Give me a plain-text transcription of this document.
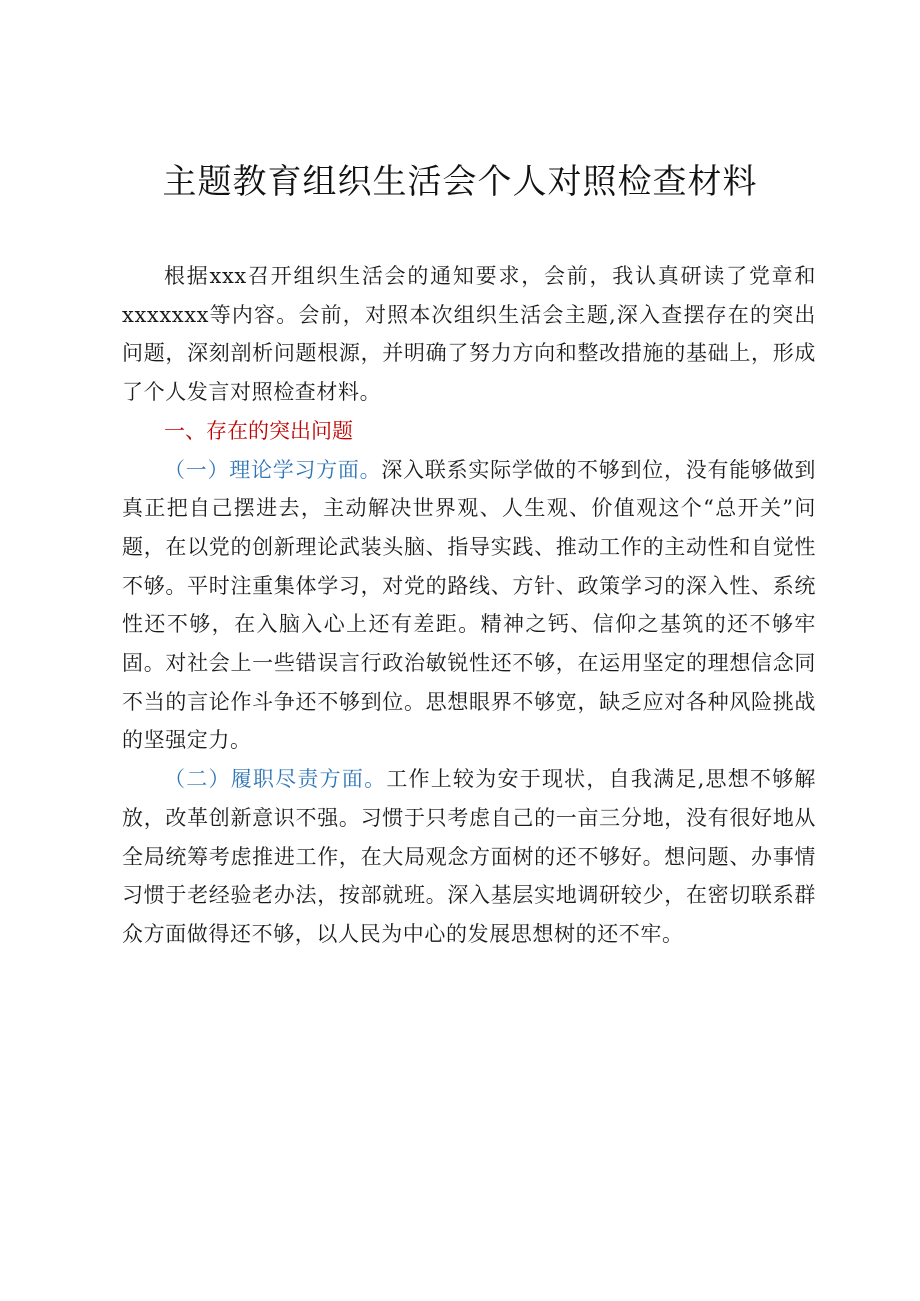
主题教育组织生活会个人对照检查材料

根据xxx召开组织生活会的通知要求，会前，我认真研读了党章和xxxxxxx等内容。会前，对照本次组织生活会主题,深入查摆存在的突出问题，深刻剖析问题根源，并明确了努力方向和整改措施的基础上，形成了个人发言对照检查材料。

一、存在的突出问题

（一）理论学习方面。深入联系实际学做的不够到位，没有能够做到真正把自己摆进去，主动解决世界观、人生观、价值观这个“总开关”问题，在以党的创新理论武装头脑、指导实践、推动工作的主动性和自觉性不够。平时注重集体学习，对党的路线、方针、政策学习的深入性、系统性还不够，在入脑入心上还有差距。精神之钙、信仰之基筑的还不够牢固。对社会上一些错误言行政治敏锐性还不够，在运用坚定的理想信念同不当的言论作斗争还不够到位。思想眼界不够宽，缺乏应对各种风险挑战的坚强定力。

（二）履职尽责方面。工作上较为安于现状，自我满足,思想不够解放，改革创新意识不强。习惯于只考虑自己的一亩三分地，没有很好地从全局统筹考虑推进工作，在大局观念方面树的还不够好。想问题、办事情习惯于老经验老办法，按部就班。深入基层实地调研较少，在密切联系群众方面做得还不够，以人民为中心的发展思想树的还不牢。
